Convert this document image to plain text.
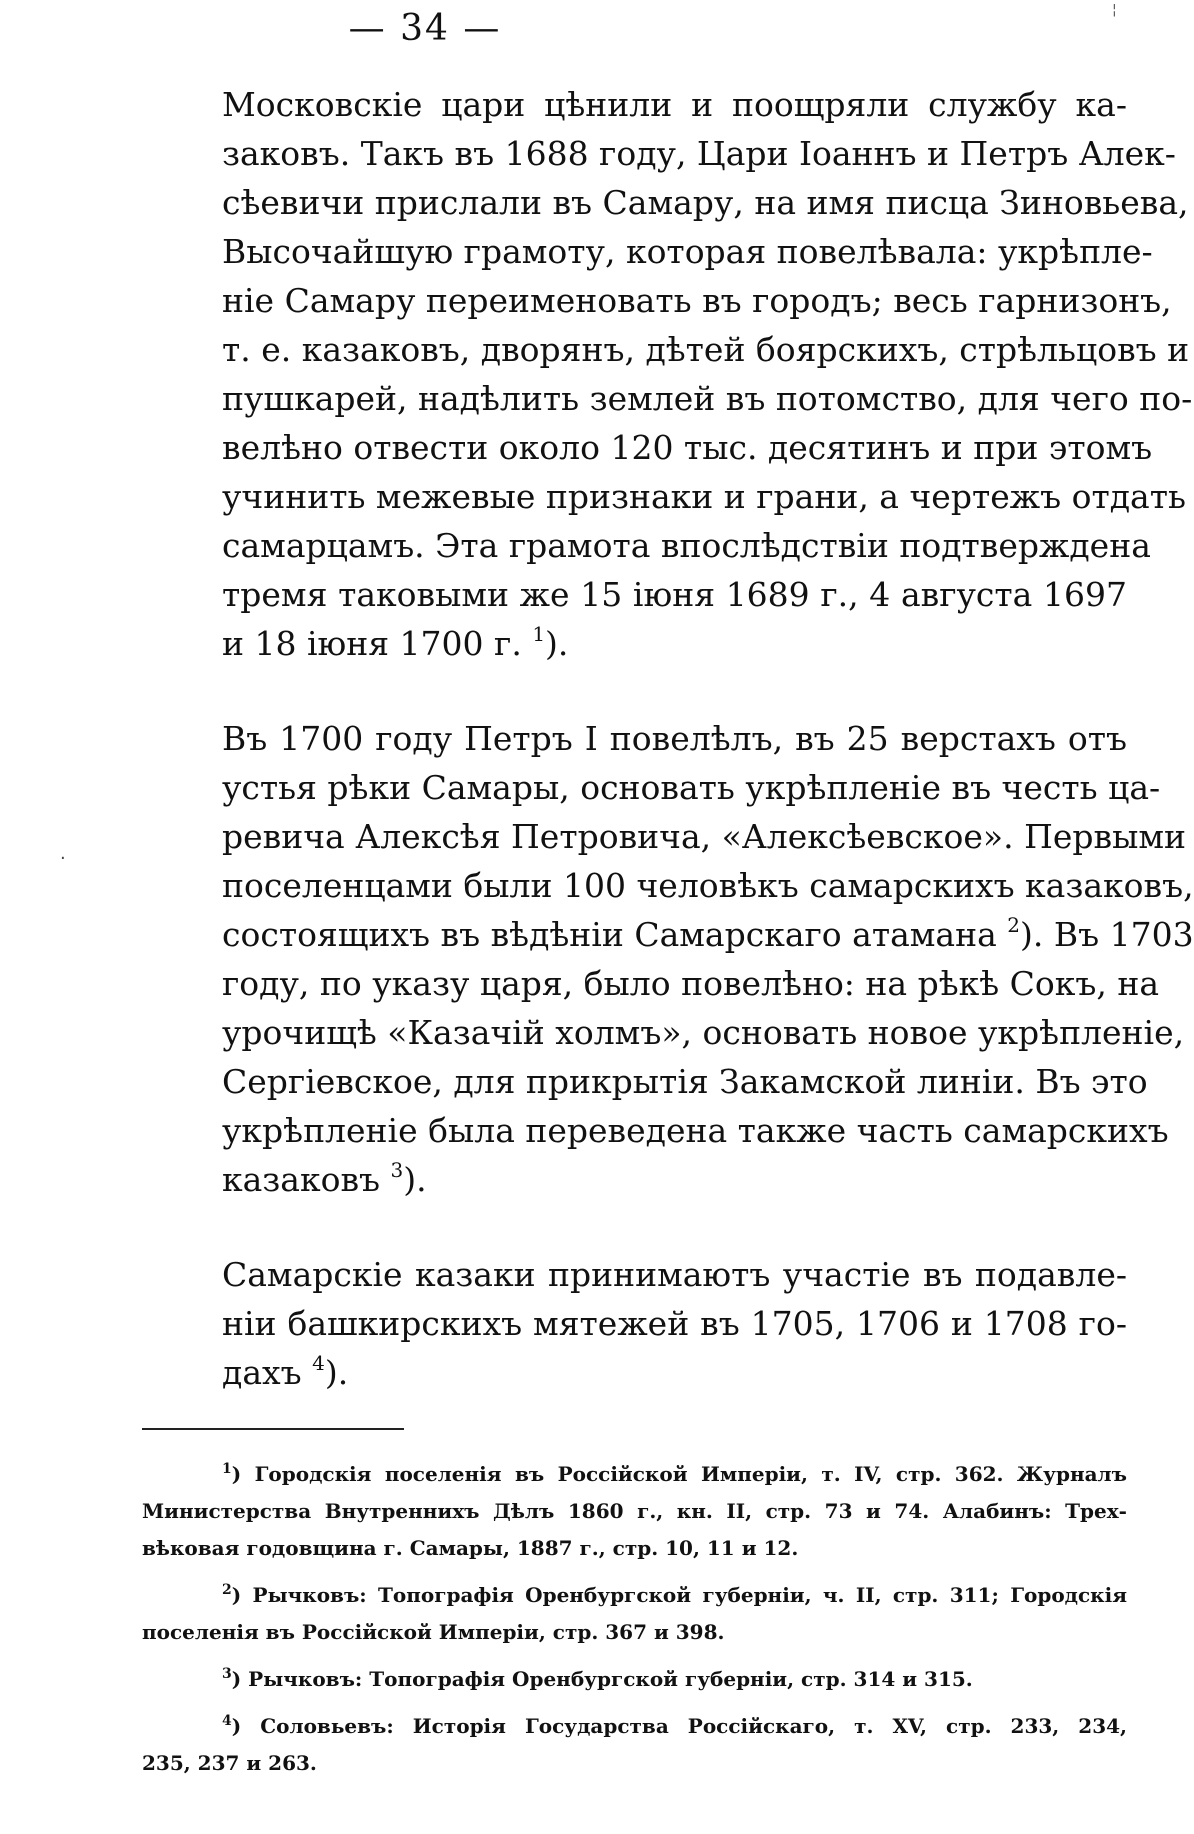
¦
·
— 34 —
Московскіе цари цѣнили и поощряли службу ка-
заковъ. Такъ въ 1688 году, Цари Іоаннъ и Петръ Алек-
сѣевичи прислали въ Самару, на имя писца Зиновьева,
Высочайшую грамоту, которая повелѣвала: укрѣпле-
ніе Самару переименовать въ городъ; весь гарнизонъ,
т. е. казаковъ, дворянъ, дѣтей боярскихъ, стрѣльцовъ и
пушкарей, надѣлить землей въ потомство, для чего по-
велѣно отвести около 120 тыс. десятинъ и при этомъ
учинить межевые признаки и грани, а чертежъ отдать
самарцамъ. Эта грамота впослѣдствіи подтверждена
тремя таковыми же 15 іюня 1689 г., 4 августа 1697
и 18 іюня 1700 г. $^1$).
Въ 1700 году Петръ I повелѣлъ, въ 25 верстахъ отъ
устья рѣки Самары, основать укрѣпленіе въ честь ца-
ревича Алексѣя Петровича, «Алексѣевское». Первыми
поселенцами были 100 человѣкъ самарскихъ казаковъ,
состоящихъ въ вѣдѣніи Самарскаго атамана $^2$). Въ 1703
году, по указу царя, было повелѣно: на рѣкѣ Сокъ, на
урочищѣ «Казачій холмъ», основать новое укрѣпленіе,
Сергіевское, для прикрытія Закамской линіи. Въ это
укрѣпленіе была переведена также часть самарскихъ
казаковъ $^3$).
Самарскіе казаки принимаютъ участіе въ подавле-
ніи башкирскихъ мятежей въ 1705, 1706 и 1708 го-
дахъ $^4$).
$^1$) Городскія поселенія въ Россійской Имперіи, т. IV, стр. 362. Журналъ
Министерства Внутреннихъ Дѣлъ 1860 г., кн. II, стр. 73 и 74. Алабинъ: Трех-
вѣковая годовщина г. Самары, 1887 г., стр. 10, 11 и 12.
$^2$) Рычковъ: Топографія Оренбургской губерніи, ч. II, стр. 311; Городскія
поселенія въ Россійской Имперіи, стр. 367 и 398.
$^3$) Рычковъ: Топографія Оренбургской губерніи, стр. 314 и 315.
$^4$) Соловьевъ: Исторія Государства Россійскаго, т. XV, стр. 233, 234,
235, 237 и 263.
